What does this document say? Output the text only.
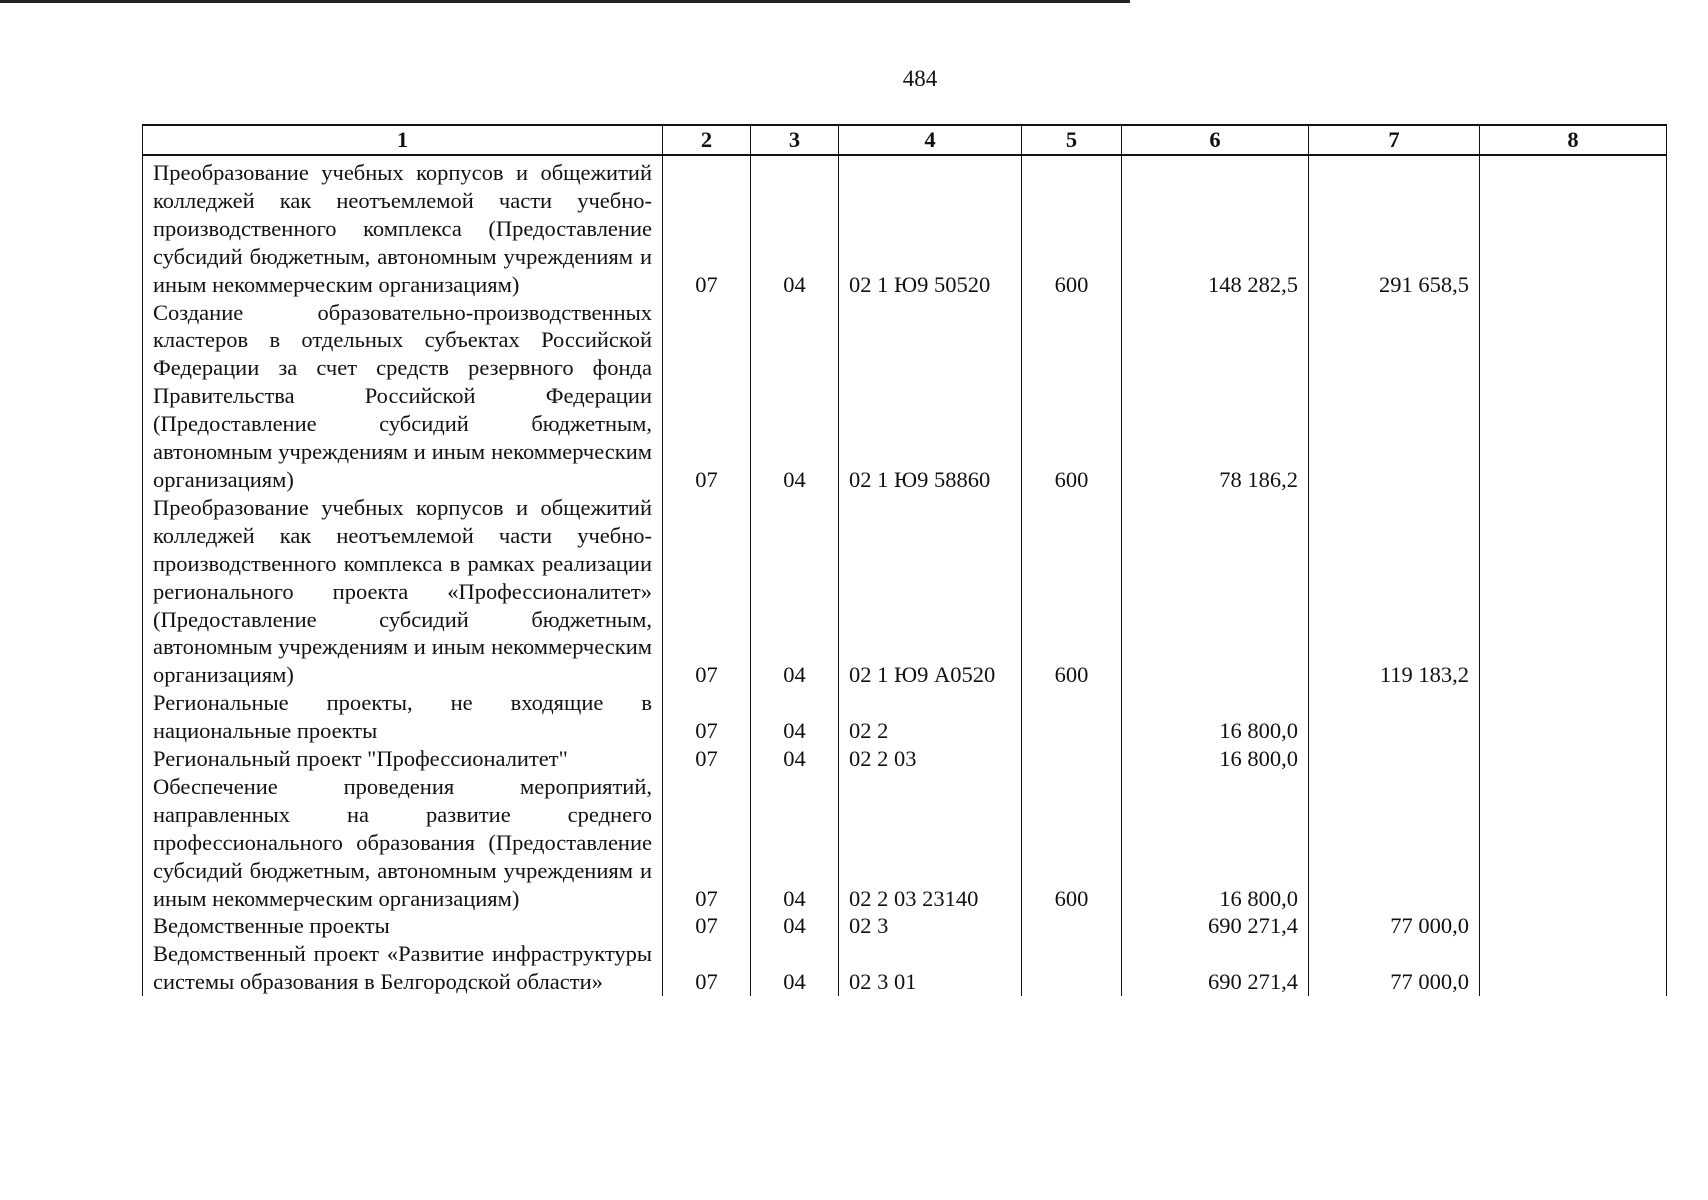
484
1	2	3	4	5	6	7	8
Преобразование учебных корпусов и общежитий колледжей как неотъемлемой части учебно-производственного комплекса (Предоставление субсидий бюджетным, автономным учреждениям и иным некоммерческим организациям)	07	04	02 1 Ю9 50520	600	148 282,5	291 658,5	
Создание образовательно-производственных кластеров в отдельных субъектах Российской Федерации за счет средств резервного фонда Правительства Российской Федерации (Предоставление субсидий бюджетным, автономным учреждениям и иным некоммерческим организациям)	07	04	02 1 Ю9 58860	600	78 186,2		
Преобразование учебных корпусов и общежитий колледжей как неотъемлемой части учебно-производственного комплекса в рамках реализации регионального проекта «Профессионалитет» (Предоставление субсидий бюджетным, автономным учреждениям и иным некоммерческим организациям)	07	04	02 1 Ю9 А0520	600		119 183,2	
Региональные проекты, не входящие в национальные проекты	07	04	02 2		16 800,0		
Региональный проект "Профессионалитет"	07	04	02 2 03		16 800,0		
Обеспечение проведения мероприятий, направленных на развитие среднего профессионального образования (Предоставление субсидий бюджетным, автономным учреждениям и иным некоммерческим организациям)	07	04	02 2 03 23140	600	16 800,0		
Ведомственные проекты	07	04	02 3		690 271,4	77 000,0	
Ведомственный проект «Развитие инфраструктуры системы образования в Белгородской области»	07	04	02 3 01		690 271,4	77 000,0	
